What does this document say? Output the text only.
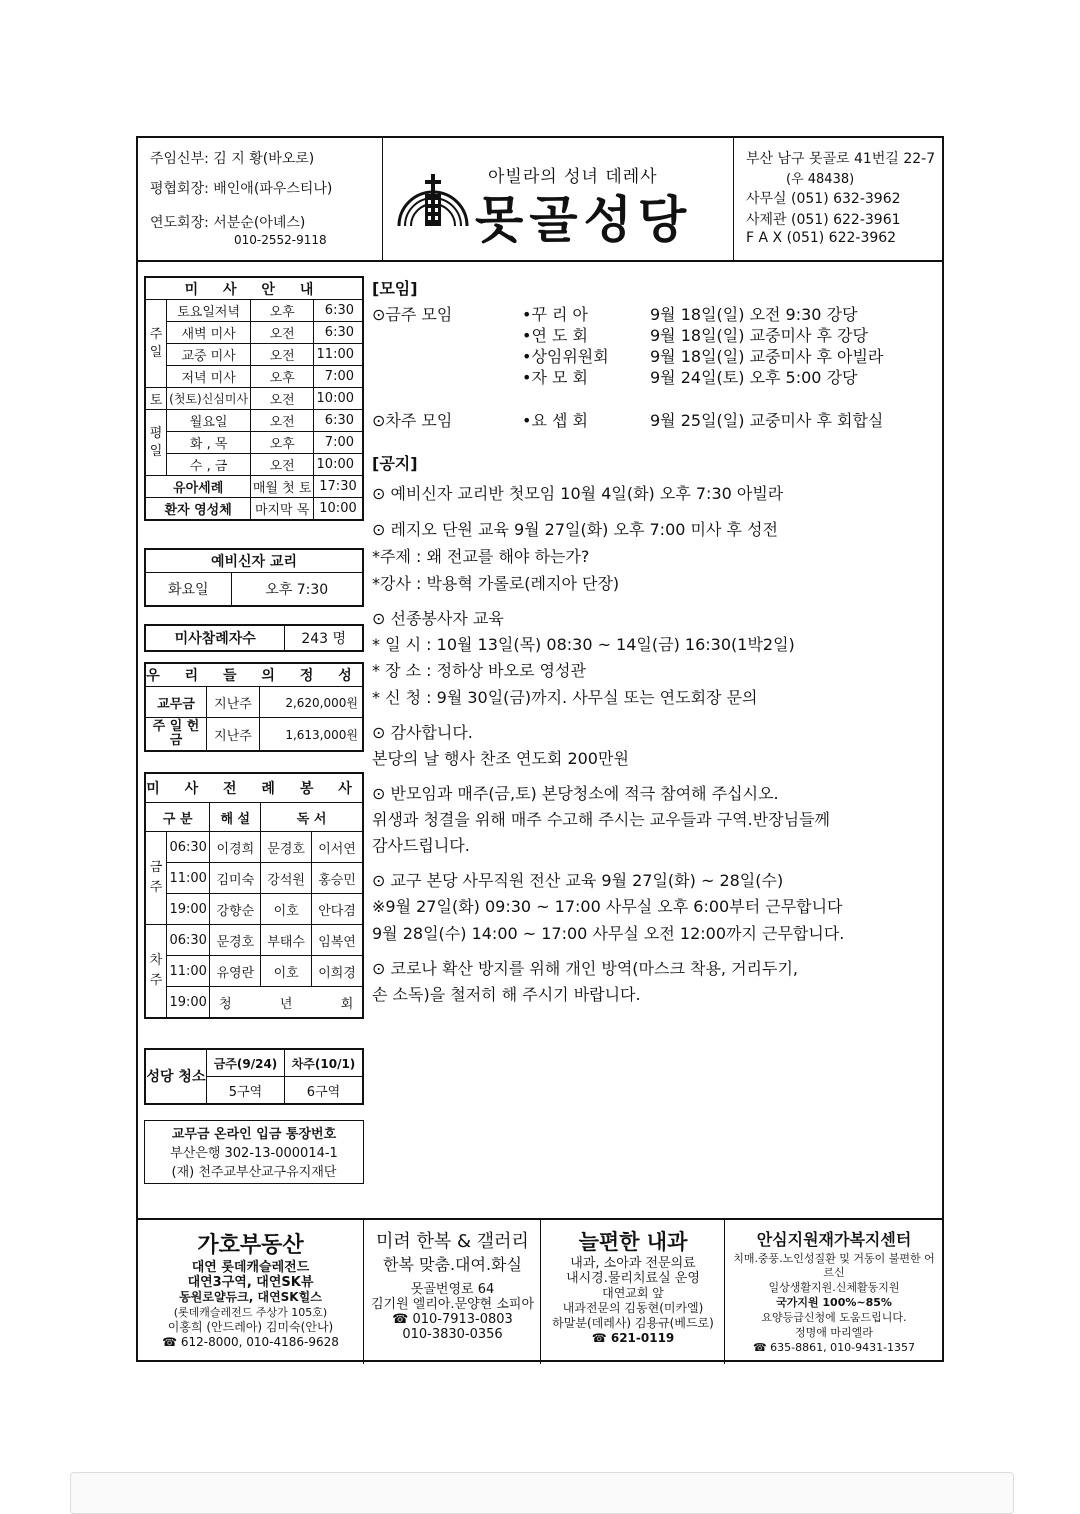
주임신부: 김 지 황(바오로)
평협회장: 배인애(파우스티나)
연도회장: 서분순(아녜스)
010-2552-9118
아빌라의 성녀 데레사
못골성당
부산 남구 못골로 41번길 22-7
(우 48438)
사무실 (051) 632-3962
사제관 (051) 622-3961
F A X (051) 622-3962
미 사 안 내			
주일	토요일저녁	오후	6:30
	새벽 미사	오전	6:30
	교중 미사	오전	11:00
	저녁 미사	오후	7:00
토	(첫토)신심미사	오전	10:00
평일	월요일	오전	6:30
	화 , 목	오후	7:00
	수 , 금	오전	10:00
유아세례		매월 첫 토	17:30
환자 영성체		마지막 목	10:00
예비신자 교리
화요일	오후 7:30
미사참례자수	243 명
우 리 들 의 정 성		
교무금	지난주	2,620,000원
주 일 헌 금	지난주	1,613,000원
미 사 전 례 봉 사				
구 분		해 설	독 서	
금주	06:30	이경희	문경호	이서연
	11:00	김미숙	강석원	홍승민
	19:00	강향순	이호	안다겸
차주	06:30	문경호	부태수	임복연
	11:00	유영란	이호	이희경
	19:00	청 년 회		
성당 청소	금주(9/24)	차주(10/1)
	5구역	6구역
교무금 온라인 입금 통장번호
부산은행 302-13-000014-1
(재) 천주교부산교구유지재단
[모임]
⊙금주 모임	•꾸 리 아	9월 18일(일) 오전 9:30 강당
•연 도 회	9월 18일(일) 교중미사 후 강당
•상임위원회	9월 18일(일) 교중미사 후 아빌라
•자 모 회	9월 24일(토) 오후 5:00 강당
⊙차주 모임	•요 셉 회	9월 25일(일) 교중미사 후 회합실
[공지]
⊙ 예비신자 교리반 첫모임 10월 4일(화) 오후 7:30 아빌라
⊙ 레지오 단원 교육 9월 27일(화) 오후 7:00 미사 후 성전
*주제 : 왜 전교를 해야 하는가?
*강사 : 박용혁 가롤로(레지아 단장)
⊙ 선종봉사자 교육
* 일 시 : 10월 13일(목) 08:30 ~ 14일(금) 16:30(1박2일)
* 장 소 : 정하상 바오로 영성관
* 신 청 : 9월 30일(금)까지. 사무실 또는 연도회장 문의
⊙ 감사합니다.
본당의 날 행사 찬조 연도회 200만원
⊙ 반모임과 매주(금,토) 본당청소에 적극 참여해 주십시오.
위생과 청결을 위해 매주 수고해 주시는 교우들과 구역.반장님들께
감사드립니다.
⊙ 교구 본당 사무직원 전산 교육 9월 27일(화) ~ 28일(수)
※9월 27일(화) 09:30 ~ 17:00 사무실 오후 6:00부터 근무합니다
9월 28일(수) 14:00 ~ 17:00 사무실 오전 12:00까지 근무합니다.
⊙ 코로나 확산 방지를 위해 개인 방역(마스크 착용, 거리두기,
손 소독)을 철저히 해 주시기 바랍니다.
가호부동산
대연 롯데캐슬레전드
대연3구역, 대연SK뷰
동원로얄듀크, 대연SK힐스
(롯데캐슬레전드 주상가 105호)
이홍희 (안드레아) 김미숙(안나)
☎ 612-8000, 010-4186-9628
미려 한복 & 갤러리
한복 맞춤.대여.화실
못골번영로 64
김기원 엘리아.문양현 소피아
☎ 010-7913-0803
010-3830-0356
늘편한 내과
내과, 소아과 전문의료
내시경.물리치료실 운영
대연교회 앞
내과전문의 김동현(미카엘)
하말분(데레사) 김용규(베드로)
☎ 621-0119
안심지원재가복지센터
치매.중풍.노인성질환 및 거동이 불편한 어르신
일상생활지원.신체활동지원
국가지원 100%~85%
요양등급신청에 도움드립니다.
정명애 마리엘라
☎ 635-8861, 010-9431-1357
